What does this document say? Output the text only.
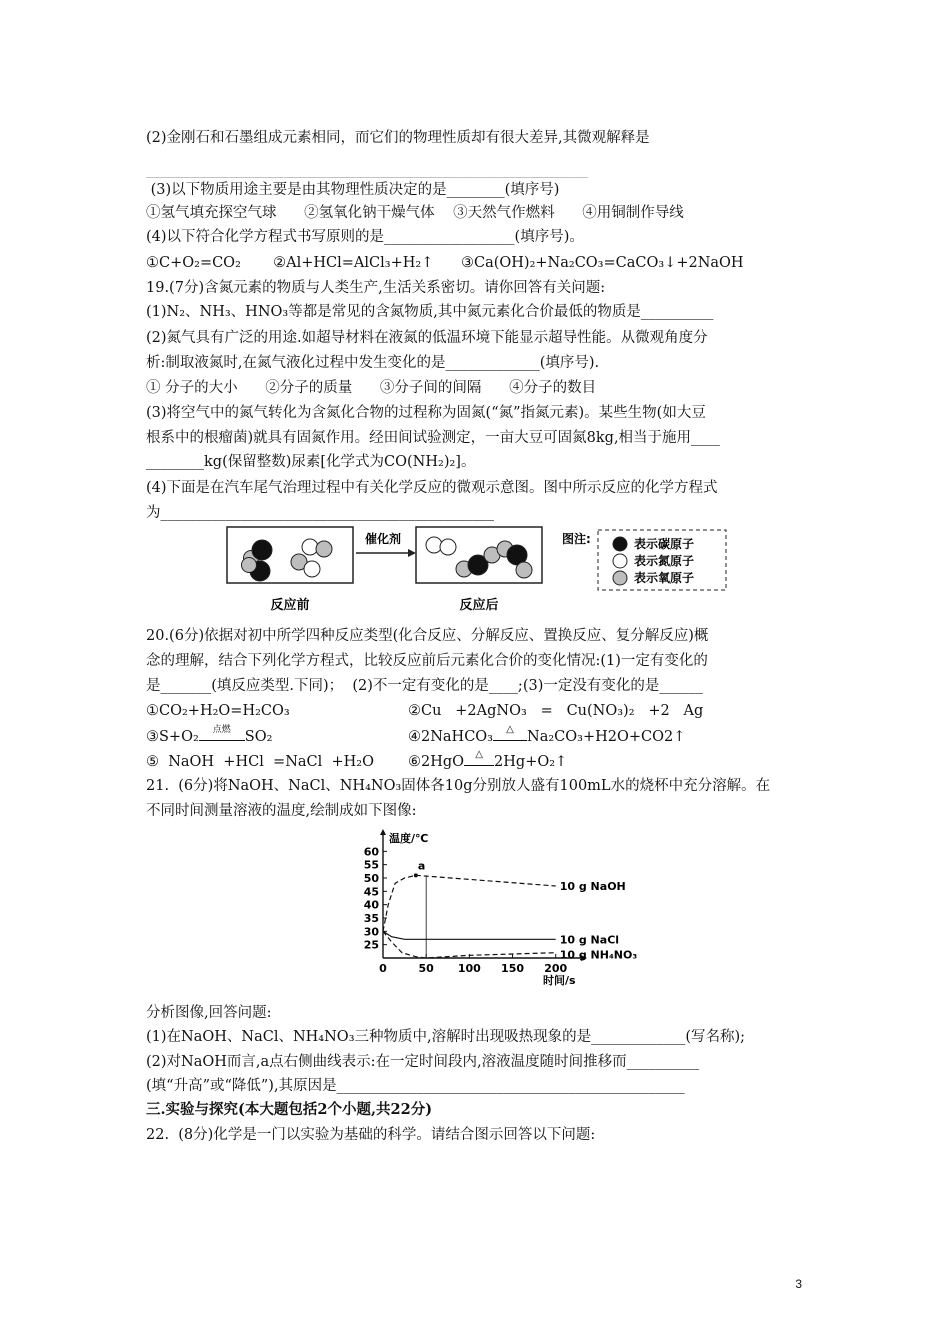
(2)金刚石和石墨组成元素相同，而它们的物理性质却有很大差异,其微观解释是
_____________________________________________________________
(3)以下物质用途主要是由其物理性质决定的是________(填序号)
①氢气填充探空气球      ②氢氧化钠干燥气体    ③天然气作燃料      ④用铜制作导线
(4)以下符合化学方程式书写原则的是__________________(填序号)。
①C+O₂=CO₂       ②Al+HCl=AlCl₃+H₂↑      ③Ca(OH)₂+Na₂CO₃=CaCO₃↓+2NaOH
19.(7分)含氮元素的物质与人类生产,生活关系密切。请你回答有关问题:
(1)N₂、NH₃、HNO₃等都是常见的含氮物质,其中氮元素化合价最低的物质是__________
(2)氮气具有广泛的用途.如超导材料在液氮的低温环境下能显示超导性能。从微观角度分
析:制取液氮时,在氮气液化过程中发生变化的是_____________(填序号).
① 分子的大小      ②分子的质量      ③分子间的间隔      ④分子的数目
(3)将空气中的氮气转化为含氮化合物的过程称为固氮(“氮”指氮元素)。某些生物(如大豆
根系中的根瘤菌)就具有固氮作用。经田间试验测定，一亩大豆可固氮8kg,相当于施用____
________kg(保留整数)尿素[化学式为CO(NH₂)₂]。
(4)下面是在汽车尾气治理过程中有关化学反应的微观示意图。图中所示反应的化学方程式
为______________________________________________
催化剂
反应前	反应后
图注:	表示碳原子
表示氮原子
表示氧原子
20.(6分)依据对初中所学四种反应类型(化合反应、分解反应、置换反应、复分解反应)概
念的理解，结合下列化学方程式，比较反应前后元素化合价的变化情况:(1)一定有变化的
是_______(填反应类型.下同)；  (2)不一定有变化的是____;(3)一定没有变化的是______
①CO₂+H₂O=H₂CO₃	②Cu   +2AgNO₃   =   Cu(NO₃)₂   +2   Ag
③S+O₂	点燃 SO₂	④2NaHCO₃	△ Na₂CO₃+H2O+CO2↑
⑤  NaOH  +HCl  =NaCl  +H₂O ⑥2HgO	△ 2Hg+O₂↑
21.  (6分)将NaOH、NaCl、NH₄NO₃固体各10g分别放人盛有100mL水的烧杯中充分溶解。在
不同时间测量溶液的温度,绘制成如下图像:
25
30
35
40
45
50
55
60
0	50 100 150 200
温度/℃
时间/s
10 g NaOH
10 g NaCl
10 g NH₄NO₃
a
分析图像,回答问题:
(1)在NaOH、NaCl、NH₄NO₃三种物质中,溶解时出现吸热现象的是_____________(写名称);
(2)对NaOH而言,a点右侧曲线表示:在一定时间段内,溶液温度随时间推移而__________
(填“升高”或“降低”),其原因是________________________________________________
三.实验与探究(本大题包括2个小题,共22分)
22.  (8分)化学是一门以实验为基础的科学。请结合图示回答以下问题:
3
